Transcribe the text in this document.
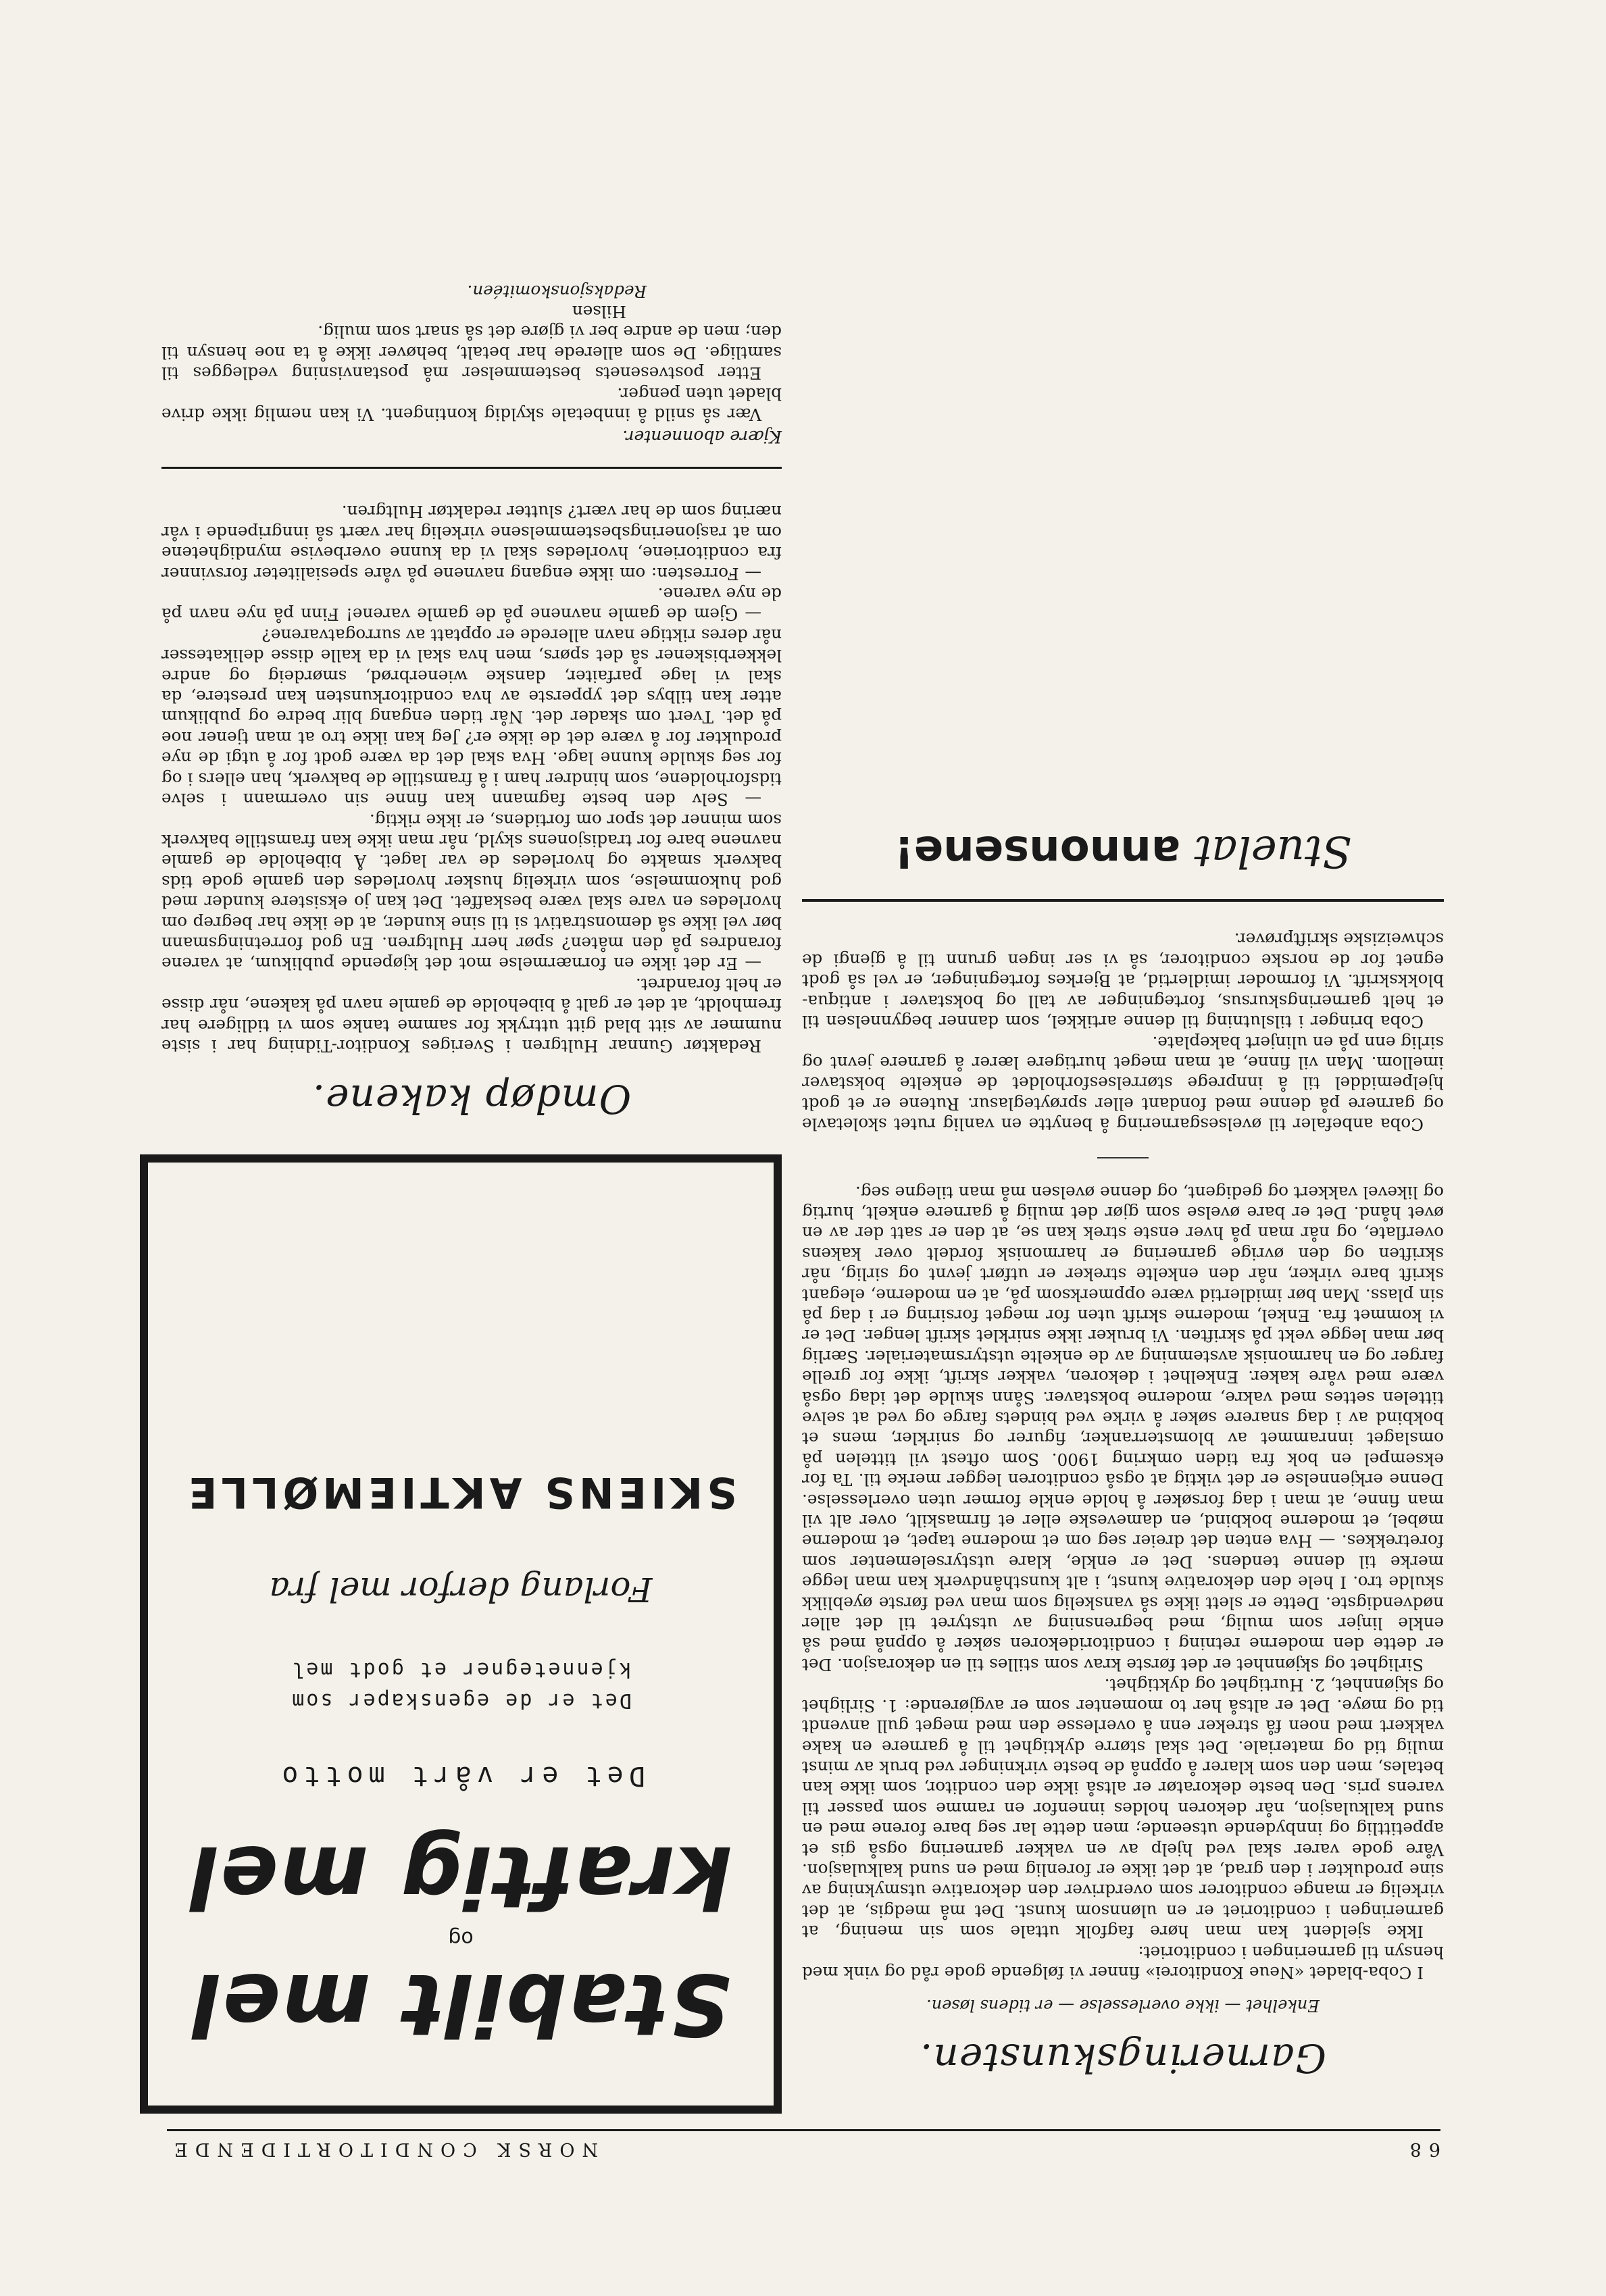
68
NORSK CONDITORTIDENDE
Garneringskunsten.
Enkelhet — ikke overlesselse — er tidens løsen.

I Coba-bladet «Neue Konditorei» finner vi følgende gode råd og vink med hensyn til garneringen i conditoriet:

Ikke sjeldent kan man høre fagfolk uttale som sin mening, at garneringen i conditoriet er en ulønnsom kunst. Det må medgis, at det virkelig er mange conditorer som overdriver den dekorative utsmykning av sine produkter i den grad, at det ikke er forenlig med en sund kalkulasjon. Våre gode varer skal ved hjelp av en vakker garnering også gis et appetittlig og innbydende utseende; men dette lar seg bare forene med en sund kalkulasjon, når dekoren holdes innenfor en ramme som passer til varens pris. Den beste dekoratør er altså ikke den conditor, som ikke kan betales, men den som klarer å oppnå de beste virkninger ved bruk av minst mulig tid og materiale. Det skal større dyktighet til å garnere en kake vakkert med noen få streker enn å overlesse den med meget gull anvendt tid og møye. Det er altså her to momenter som er avgjørende: 1. Sirlighet og skjønnhet, 2. Hurtighet og dyktighet.

Sirlighet og skjønnhet er det første krav som stilles til en dekorasjon. Det er dette den moderne retning i conditoridekoren søker å oppnå med så enkle linjer som mulig, med begrensning av utstyret til det aller nødvendigste. Dette er slett ikke så vanskelig som man ved første øyeblikk skulde tro. I hele den dekorative kunst, i alt kunsthåndverk kan man legge merke til denne tendens. Det er enkle, klare utstyrselementer som foretrekkes. — Hva enten det dreier seg om et moderne tapet, et moderne møbel, et moderne bokbind, en dameveske eller et firmaskilt, over alt vil man finne, at man i dag forsøker å holde enkle former uten overlesselse. Denne erkjennelse er det viktig at også conditoren legger merke til. Ta for eksempel en bok fra tiden omkring 1900. Som oftest vil tittelen på omslaget innrammet av blomsterranker, figurer og snirkler, mens et bokbind av i dag snarere søker å virke ved bindets farge og ved at selve tittelen settes med vakre, moderne bokstaver. Sånn skulde det idag også være med våre kaker. Enkelhet i dekoren, vakker skrift, ikke for grelle farger og en harmonisk avstemning av de enkelte utstyrsmaterialer. Særlig bør man legge vekt på skriften. Vi bruker ikke snirklet skrift lenger. Det er vi kommet fra. Enkel, moderne skrift uten for meget forsiring er i dag på sin plass. Man bør imidlertid være oppmerksom på, at en moderne, elegant skrift bare virker, når den enkelte streker er utført jevnt og sirlig, når skriften og den øvrige garnering er harmonisk fordelt over kakens overflate, og når man på hver enste strek kan se, at den er satt der av en øvet hånd. Det er bare øvelse som gjør det mulig å garnere enkelt, hurtig og likevel vakkert og gedigent, og denne øvelsen må man tilegne seg.

Coba anbefaler til øvelsesgarnering å benytte en vanlig rutet skoletavle og garnere på denne med fondant eller sprøyteglasur. Rutene er et godt hjelpemiddel til å innprege størrelsesforholdet de enkelte bokstaver imellom. Man vil finne, at man meget hurtigere lærer å garnere jevnt og sirlig enn på en ulinjert bakeplate.

Coba bringer i tilslutning til denne artikkel, som danner begynnelsen til et helt garneringskursus, fortegninger av tall og bokstaver i antiqua-blokkskrift. Vi formoder imidlertid, at Bjerkes fortegninger, er vel så godt egnet for de norske conditorer, så vi ser ingen grunn til å gjengi de schweiziske skriftprøver.

Stuelat annonsene!
Stabilt mel
og
kraftig mel
Det er vårt motto
Det er de egenskaper som
kjennetegner et godt mel
Forlang derfor mel fra
SKIENS AKTIEMØLLE
Omdøp kakene.

Redaktør Gunnar Hultgren i Sveriges Konditor-Tidning har i siste nummer av sitt blad gitt uttrykk for samme tanke som vi tidligere har fremholdt, at det er galt å bibeholde de gamle navn på kakene, når disse er helt forandret.

— Er det ikke en fornærmelse mot det kjøpende publikum, at varene forandres på den måten? spør herr Hultgren. En god forretningsmann bør vel ikke så demonstrativt si til sine kunder, at de ikke har begrep om hvorledes en vare skal være beskaffet. Det kan jo eksistere kunder med god hukommelse, som virkelig husker hvorledes den gamle gode tids bakverk smakte og hvorledes de var laget. Å bibeholde de gamle navnene bare for tradisjonens skyld, når man ikke kan framstille bakverk som minner det spor om fortidens, er ikke riktig.

— Selv den beste fagmann kan finne sin overmann i selve tidsforholdene, som hindrer ham i å framstille de bakverk, han ellers i og for seg skulde kunne lage. Hva skal det da være godt for å utgi de nye produkter for å være det de ikke er? Jeg kan ikke tro at man tjener noe på det. Tvert om skader det. Når tiden engang blir bedre og publikum atter kan tilbys det ypperste av hva conditorkunsten kan prestere, da skal vi lage parfaiter, danske wienerbrød, smørdeig og andre lekkerbiskener så det spørs, men hva skal vi da kalle disse delikatesser når deres riktige navn allerede er opptatt av surrogatvarene?

— Gjem de gamle navnene på de gamle varene! Finn på nye navn på de nye varene.

— Forresten: om ikke engang navnene på våre spesialiteter forsvinner fra conditoriene, hvorledes skal vi da kunne overbevise myndighetene om at rasjoneringsbestemmelsene virkelig har vært så inngripende i vår næring som de har vært? slutter redaktør Hultgren.

Kjære abonnenter.

Vær så snild å innbetale skyldig kontingent. Vi kan nemlig ikke drive bladet uten penger.

Etter postvesenets bestemmelser må postanvisning vedlegges til samtlige. De som allerede har betalt, behøver ikke å ta noe hensyn til den; men de andre ber vi gjøre det så snart som mulig.

Hilsen
Redaksjonskomitéen.
